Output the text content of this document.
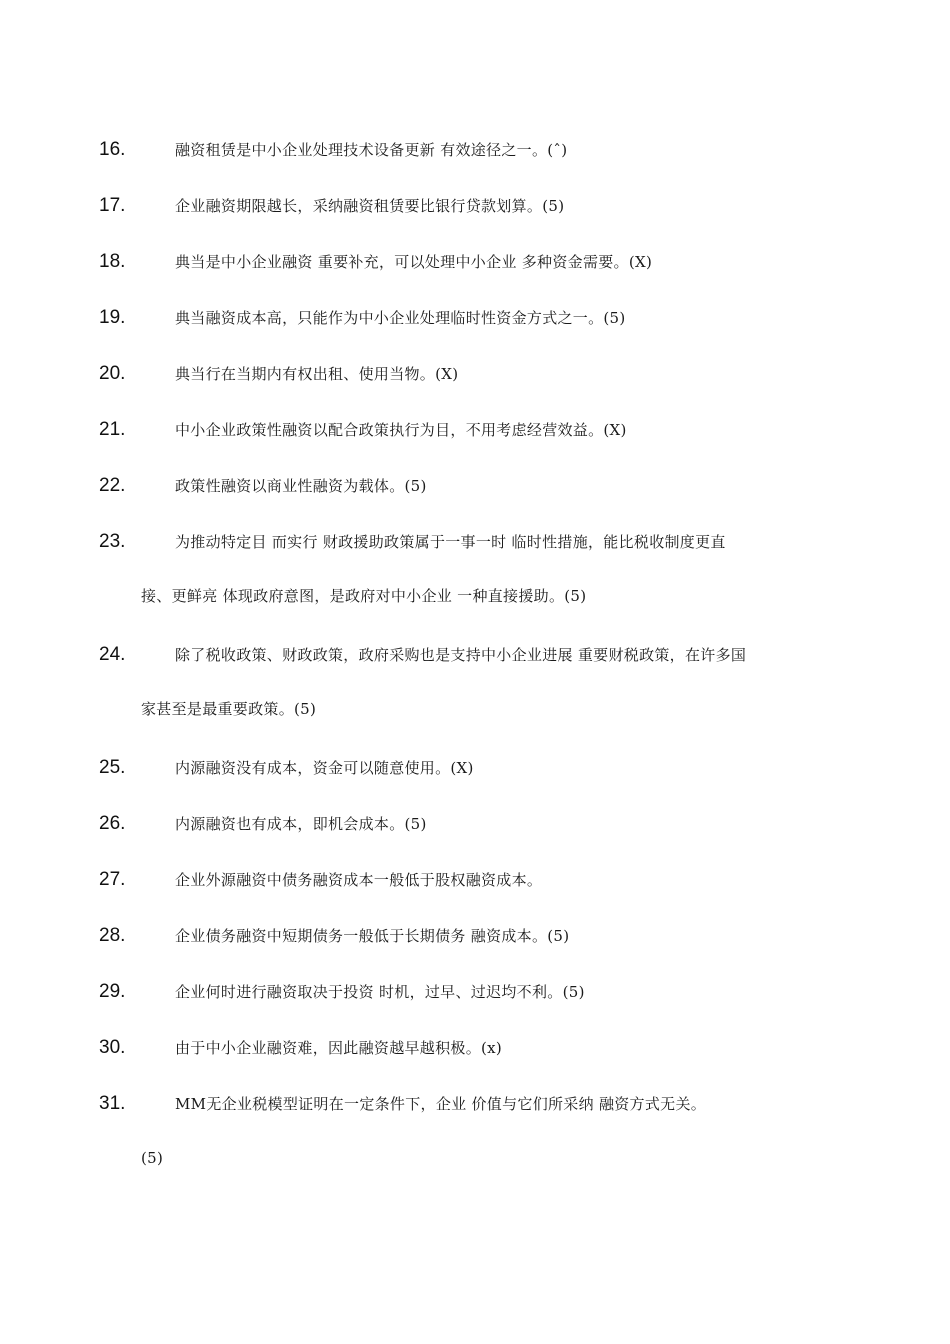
16.	融资租赁是中小企业处理技术设备更新 有效途径之一。(ˆ)
17.	企业融资期限越长，采纳融资租赁要比银行贷款划算。(5)
18.	典当是中小企业融资 重要补充，可以处理中小企业 多种资金需要。(X)
19.	典当融资成本高，只能作为中小企业处理临时性资金方式之一。(5)
20.	典当行在当期内有权出租、使用当物。(X)
21.	中小企业政策性融资以配合政策执行为目，不用考虑经营效益。(X)
22.	政策性融资以商业性融资为载体。(5)
23.	为推动特定目 而实行 财政援助政策属于一事一时 临时性措施，能比税收制度更直
接、更鲜亮 体现政府意图，是政府对中小企业 一种直接援助。(5)
24.	除了税收政策、财政政策，政府采购也是支持中小企业进展 重要财税政策，在许多国
家甚至是最重要政策。(5)
25.	内源融资没有成本，资金可以随意使用。(X)
26.	内源融资也有成本，即机会成本。(5)
27.	企业外源融资中债务融资成本一般低于股权融资成本。
28.	企业债务融资中短期债务一般低于长期债务 融资成本。(5)
29.	企业何时进行融资取决于投资 时机，过早、过迟均不利。(5)
30.	由于中小企业融资难，因此融资越早越积极。(x)
31.	MM无企业税模型证明在一定条件下，企业 价值与它们所采纳 融资方式无关。
(5)
